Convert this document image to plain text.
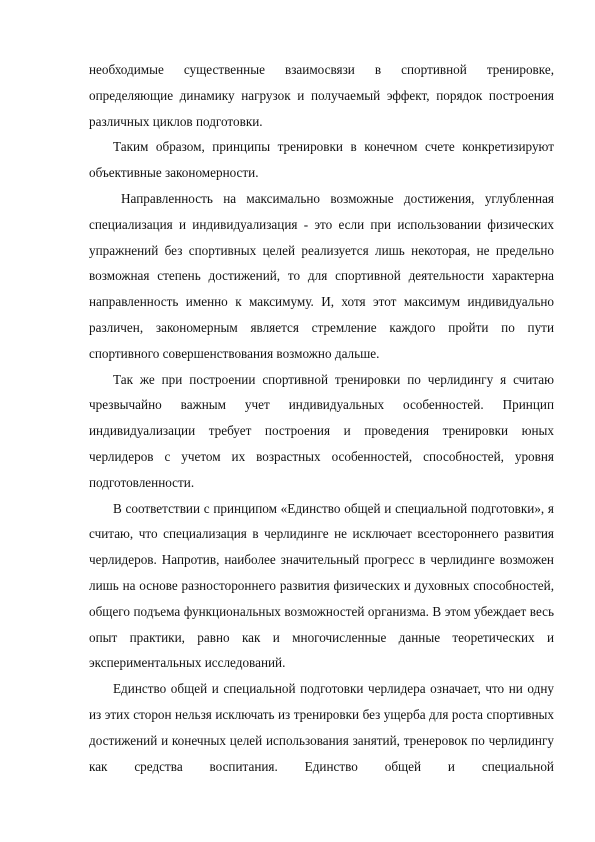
необходимые существенные взаимосвязи в спортивной тренировке, определяющие динамику нагрузок и получаемый эффект, порядок построения различных циклов подготовки.

Таким образом, принципы тренировки в конечном счете конкретизируют объективные закономерности.

Направленность на максимально возможные достижения, углубленная специализация и индивидуализация - это если при использовании физических упражнений без спортивных целей реализуется лишь некоторая, не предельно возможная степень достижений, то для спортивной деятельности характерна направленность именно к максимуму. И, хотя этот максимум индивидуально различен, закономерным является стремление каждого пройти по пути спортивного совершенствования возможно дальше.

Так же при построении спортивной тренировки по черлидингу я считаю чрезвычайно важным учет индивидуальных особенностей. Принцип индивидуализации требует построения и проведения тренировки юных черлидеров с учетом их возрастных особенностей, способностей, уровня подготовленности.

В соответствии с принципом «Единство общей и специальной подготовки», я считаю, что специализация в черлидинге не исключает всестороннего развития черлидеров. Напротив, наиболее значительный прогресс в черлидинге возможен лишь на основе разностороннего развития физических и духовных способностей, общего подъема функциональных возможностей организма. В этом убеждает весь опыт практики, равно как и многочисленные данные теоретических и экспериментальных исследований.

Единство общей и специальной подготовки черлидера означает, что ни одну из этих сторон нельзя исключать из тренировки без ущерба для роста спортивных достижений и конечных целей использования занятий, тренеровок по черлидингу как средства воспитания. Единство общей и специальной
